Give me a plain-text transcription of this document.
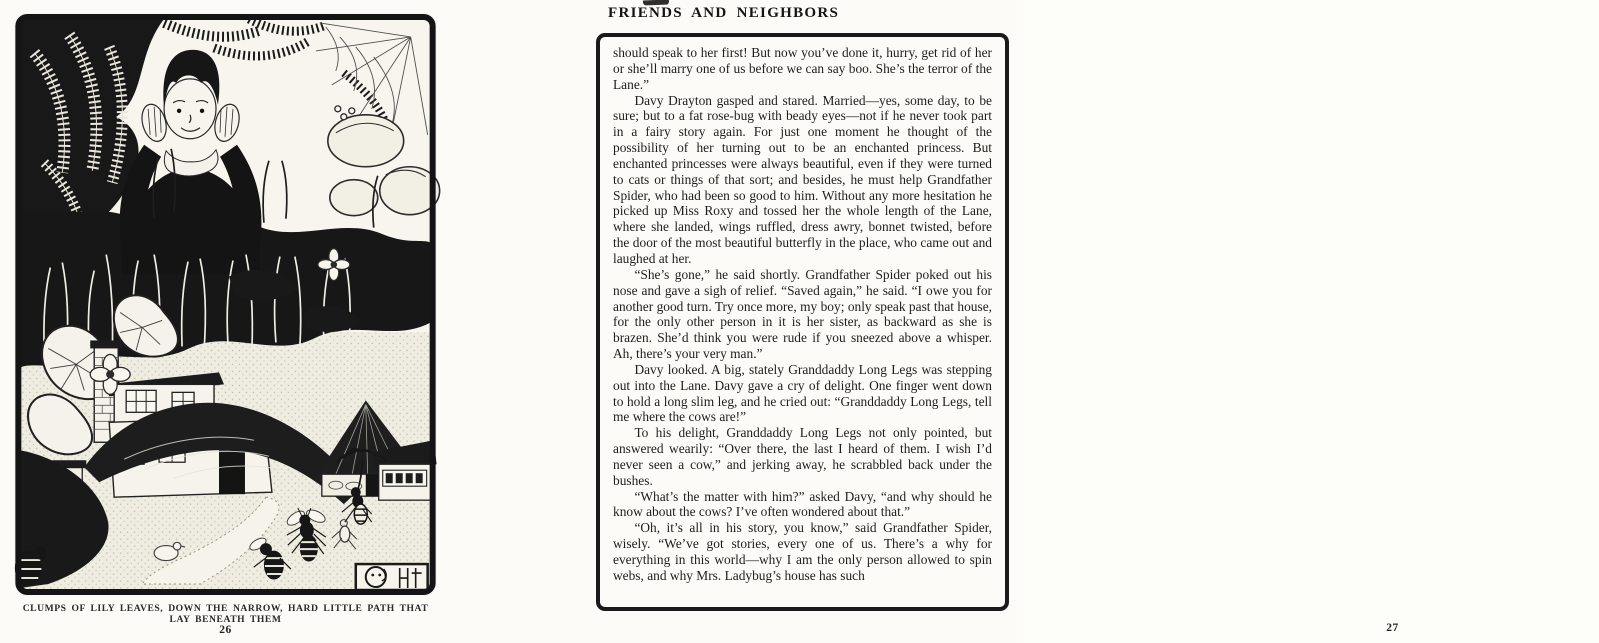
CLUMPS OF LILY LEAVES, DOWN THE NARROW, HARD LITTLE PATH THAT LAY BENEATH THEM
26
FRIENDS AND NEIGHBORS

should speak to her first! But now you’ve done it, hurry, get rid of her or she’ll marry one of us before we can say boo. She’s the terror of the Lane.”

Davy Drayton gasped and stared. Married—yes, some day, to be sure; but to a fat rose-bug with beady eyes—not if he never took part in a fairy story again. For just one moment he thought of the possibility of her turning out to be an enchanted princess. But enchanted princesses were always beautiful, even if they were turned to cats or things of that sort; and besides, he must help Grandfather Spider, who had been so good to him. Without any more hesitation he picked up Miss Roxy and tossed her the whole length of the Lane, where she landed, wings ruffled, dress awry, bonnet twisted, before the door of the most beautiful butterfly in the place, who came out and laughed at her.

“She’s gone,” he said shortly. Grandfather Spider poked out his nose and gave a sigh of relief. “Saved again,” he said. “I owe you for another good turn. Try once more, my boy; only speak past that house, for the only other person in it is her sister, as backward as she is brazen. She’d think you were rude if you sneezed above a whisper. Ah, there’s your very man.”

Davy looked. A big, stately Granddaddy Long Legs was stepping out into the Lane. Davy gave a cry of delight. One finger went down to hold a long slim leg, and he cried out: “Granddaddy Long Legs, tell me where the cows are!”

To his delight, Granddaddy Long Legs not only pointed, but answered wearily: “Over there, the last I heard of them. I wish I’d never seen a cow,” and jerking away, he scrabbled back under the bushes.

“What’s the matter with him?” asked Davy, “and why should he know about the cows? I’ve often wondered about that.”

“Oh, it’s all in his story, you know,” said Grandfather Spider, wisely. “We’ve got stories, every one of us. There’s a why for everything in this world—why I am the only person allowed to spin webs, and why Mrs. Ladybug’s house has such

27
